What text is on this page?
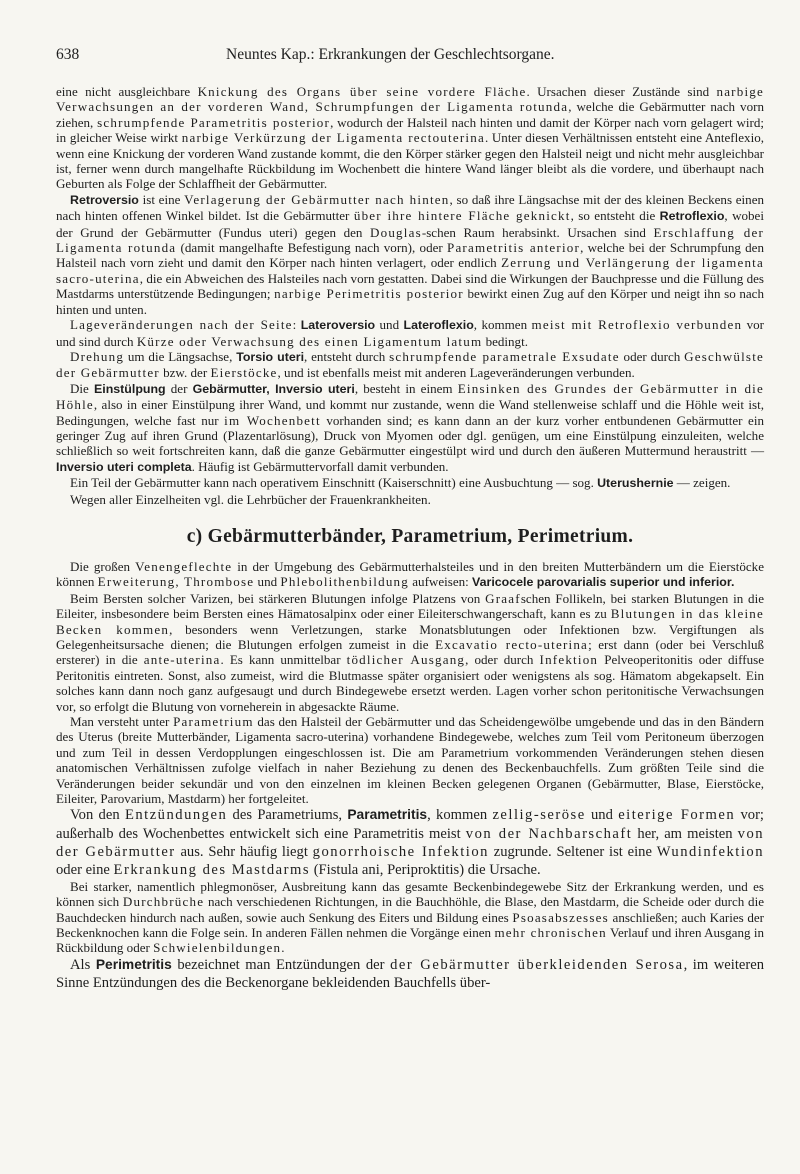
638	Neuntes Kap.: Erkrankungen der Geschlechtsorgane.

eine nicht ausgleichbare Knickung des Organs über seine vordere Fläche. Ursachen dieser Zustände sind narbige Verwachsungen an der vorderen Wand, Schrumpfungen der Ligamenta rotunda, welche die Gebärmutter nach vorn ziehen, schrumpfende Parametritis posterior, wodurch der Halsteil nach hinten und damit der Körper nach vorn gelagert wird; in gleicher Weise wirkt narbige Verkürzung der Ligamenta rectouterina. Unter diesen Verhältnissen entsteht eine Anteflexio, wenn eine Knickung der vorderen Wand zustande kommt, die den Körper stärker gegen den Halsteil neigt und nicht mehr ausgleichbar ist, ferner wenn durch mangelhafte Rückbildung im Wochenbett die hintere Wand länger bleibt als die vordere, und überhaupt nach Geburten als Folge der Schlaffheit der Gebärmutter.

Retroversio ist eine Verlagerung der Gebärmutter nach hinten, so daß ihre Längsachse mit der des kleinen Beckens einen nach hinten offenen Winkel bildet. Ist die Gebärmutter über ihre hintere Fläche geknickt, so entsteht die Retroflexio, wobei der Grund der Gebärmutter (Fundus uteri) gegen den Douglas-schen Raum herabsinkt. Ursachen sind Erschlaffung der Ligamenta rotunda (damit mangelhafte Befestigung nach vorn), oder Parametritis anterior, welche bei der Schrumpfung den Halsteil nach vorn zieht und damit den Körper nach hinten verlagert, oder endlich Zerrung und Verlängerung der ligamenta sacro-uterina, die ein Abweichen des Halsteiles nach vorn gestatten. Dabei sind die Wirkungen der Bauchpresse und die Füllung des Mastdarms unterstützende Bedingungen; narbige Perimetritis posterior bewirkt einen Zug auf den Körper und neigt ihn so nach hinten und unten.

Lageveränderungen nach der Seite: Lateroversio und Lateroflexio, kommen meist mit Retroflexio verbunden vor und sind durch Kürze oder Verwachsung des einen Ligamentum latum bedingt.

Drehung um die Längsachse, Torsio uteri, entsteht durch schrumpfende parametrale Exsudate oder durch Geschwülste der Gebärmutter bzw. der Eierstöcke, und ist ebenfalls meist mit anderen Lageveränderungen verbunden.

Die Einstülpung der Gebärmutter, Inversio uteri, besteht in einem Einsinken des Grundes der Gebärmutter in die Höhle, also in einer Einstülpung ihrer Wand, und kommt nur zustande, wenn die Wand stellenweise schlaff und die Höhle weit ist, Bedingungen, welche fast nur im Wochenbett vorhanden sind; es kann dann an der kurz vorher entbundenen Gebärmutter ein geringer Zug auf ihren Grund (Plazentarlösung), Druck von Myomen oder dgl. genügen, um eine Einstülpung einzuleiten, welche schließlich so weit fortschreiten kann, daß die ganze Gebärmutter eingestülpt wird und durch den äußeren Muttermund heraustritt — Inversio uteri completa. Häufig ist Gebärmuttervorfall damit verbunden.

Ein Teil der Gebärmutter kann nach operativem Einschnitt (Kaiserschnitt) eine Ausbuchtung — sog. Uterushernie — zeigen.

Wegen aller Einzelheiten vgl. die Lehrbücher der Frauenkrankheiten.

c) Gebärmutterbänder, Parametrium, Perimetrium.

Die großen Venengeflechte in der Umgebung des Gebärmutterhalsteiles und in den breiten Mutterbändern um die Eierstöcke können Erweiterung, Thrombose und Phlebolithenbildung aufweisen: Varicocele parovarialis superior und inferior.

Beim Bersten solcher Varizen, bei stärkeren Blutungen infolge Platzens von Graafschen Follikeln, bei starken Blutungen in die Eileiter, insbesondere beim Bersten eines Hämatosalpinx oder einer Eileiterschwangerschaft, kann es zu Blutungen in das kleine Becken kommen, besonders wenn Verletzungen, starke Monatsblutungen oder Infektionen bzw. Vergiftungen als Gelegenheitsursache dienen; die Blutungen erfolgen zumeist in die Excavatio recto-uterina; erst dann (oder bei Verschluß ersterer) in die ante-uterina. Es kann unmittelbar tödlicher Ausgang, oder durch Infektion Pelveoperitonitis oder diffuse Peritonitis eintreten. Sonst, also zumeist, wird die Blutmasse später organisiert oder wenigstens als sog. Hämatom abgekapselt. Ein solches kann dann noch ganz aufgesaugt und durch Bindegewebe ersetzt werden. Lagen vorher schon peritonitische Verwachsungen vor, so erfolgt die Blutung von vorneherein in abgesackte Räume.

Man versteht unter Parametrium das den Halsteil der Gebärmutter und das Scheidengewölbe umgebende und das in den Bändern des Uterus (breite Mutterbänder, Ligamenta sacro-uterina) vorhandene Bindegewebe, welches zum Teil vom Peritoneum überzogen und zum Teil in dessen Verdopplungen eingeschlossen ist. Die am Parametrium vorkommenden Veränderungen stehen diesen anatomischen Verhältnissen zufolge vielfach in naher Beziehung zu denen des Beckenbauchfells. Zum größten Teile sind die Veränderungen beider sekundär und von den einzelnen im kleinen Becken gelegenen Organen (Gebärmutter, Blase, Eierstöcke, Eileiter, Parovarium, Mastdarm) her fortgeleitet.

Von den Entzündungen des Parametriums, Parametritis, kommen zellig-seröse und eiterige Formen vor; außerhalb des Wochenbettes entwickelt sich eine Parametritis meist von der Nachbarschaft her, am meisten von der Gebärmutter aus. Sehr häufig liegt gonorrhoische Infektion zugrunde. Seltener ist eine Wundinfektion oder eine Erkrankung des Mastdarms (Fistula ani, Periproktitis) die Ursache.

Bei starker, namentlich phlegmonöser, Ausbreitung kann das gesamte Beckenbindegewebe Sitz der Erkrankung werden, und es können sich Durchbrüche nach verschiedenen Richtungen, in die Bauchhöhle, die Blase, den Mastdarm, die Scheide oder durch die Bauchdecken hindurch nach außen, sowie auch Senkung des Eiters und Bildung eines Psoasabszesses anschließen; auch Karies der Beckenknochen kann die Folge sein. In anderen Fällen nehmen die Vorgänge einen mehr chronischen Verlauf und ihren Ausgang in Rückbildung oder Schwielenbildungen.

Als Perimetritis bezeichnet man Entzündungen der der Gebärmutter überkleidenden Serosa, im weiteren Sinne Entzündungen des die Beckenorgane bekleidenden Bauchfells über-
